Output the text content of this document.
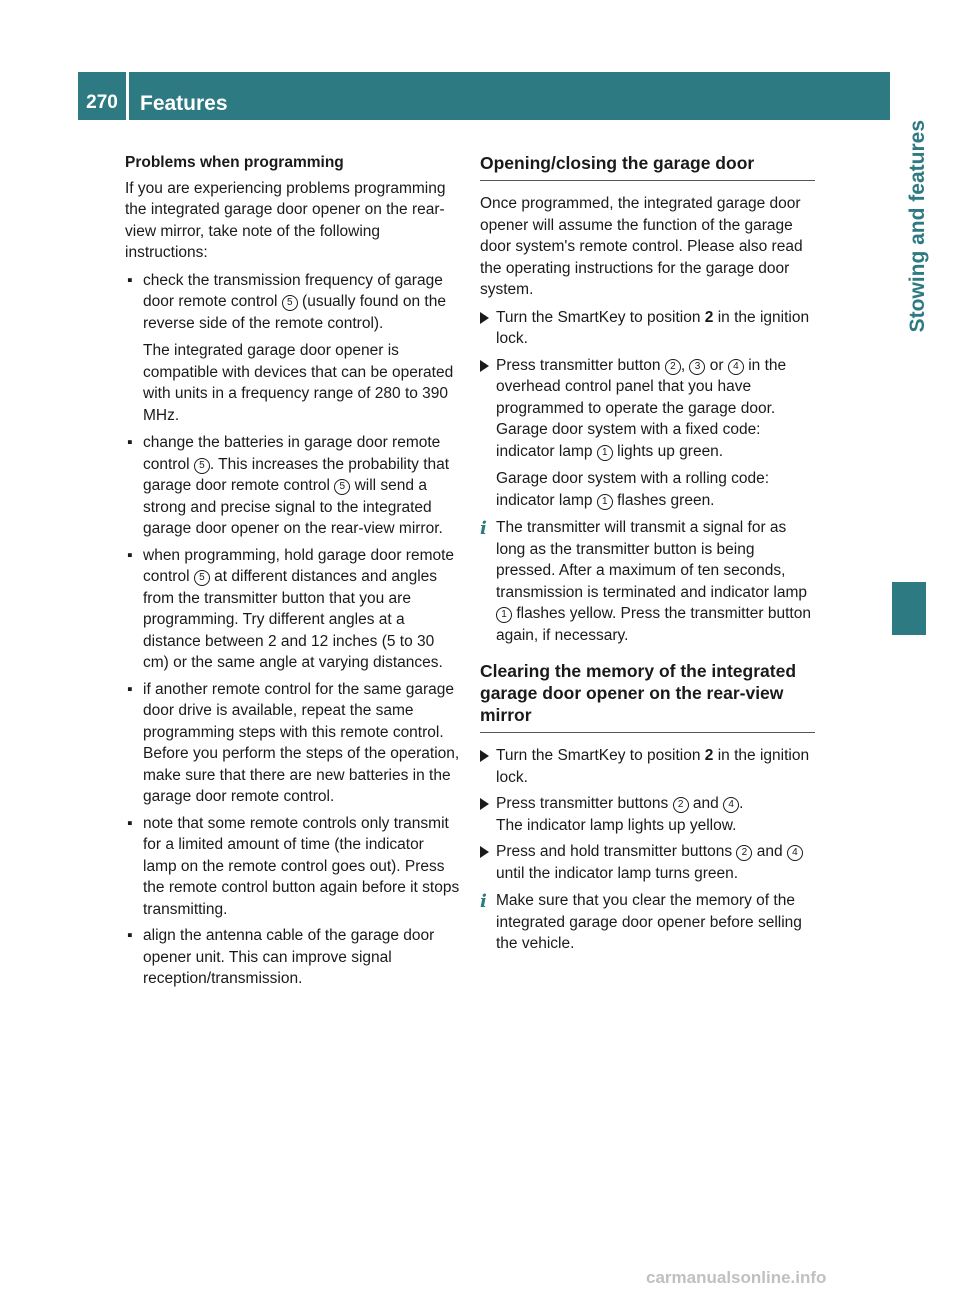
270	Features
Stowing and features

Problems when programming

If you are experiencing problems programming the integrated garage door opener on the rear-view mirror, take note of the following instructions:

▪ check the transmission frequency of garage door remote control 5 (usually found on the reverse side of the remote control).

The integrated garage door opener is compatible with devices that can be operated with units in a frequency range of 280 to 390 MHz.

▪ change the batteries in garage door remote control 5 . This increases the probability that garage door remote control 5 will send a strong and precise signal to the integrated garage door opener on the rear-view mirror.
▪ when programming, hold garage door remote control 5 at different distances and angles from the transmitter button that you are programming. Try different angles at a distance between 2 and 12 inches (5 to 30 cm) or the same angle at varying distances.
▪ if another remote control for the same garage door drive is available, repeat the same programming steps with this remote control. Before you perform the steps of the operation, make sure that there are new batteries in the garage door remote control.
▪ note that some remote controls only transmit for a limited amount of time (the indicator lamp on the remote control goes out). Press the remote control button again before it stops transmitting.
▪ align the antenna cable of the garage door opener unit. This can improve signal reception/transmission.
Opening/closing the garage door

Once programmed, the integrated garage door opener will assume the function of the garage door system's remote control. Please also read the operating instructions for the garage door system.

Turn the SmartKey to position 2 in the ignition lock.
Press transmitter button 2 , 3 or 4 in the overhead control panel that you have programmed to operate the garage door.
Garage door system with a fixed code: indicator lamp 1 lights up green.
Garage door system with a rolling code: indicator lamp 1 flashes green.
i The transmitter will transmit a signal for as long as the transmitter button is being pressed. After a maximum of ten seconds, transmission is terminated and indicator lamp 1 flashes yellow. Press the transmitter button again, if necessary.
Clearing the memory of the integrated garage door opener on the rear-view mirror
Turn the SmartKey to position 2 in the ignition lock.
Press transmitter buttons 2 and 4 .
The indicator lamp lights up yellow.
Press and hold transmitter buttons 2 and 4 until the indicator lamp turns green.
i Make sure that you clear the memory of the integrated garage door opener before selling the vehicle.
carmanualsonline.info
